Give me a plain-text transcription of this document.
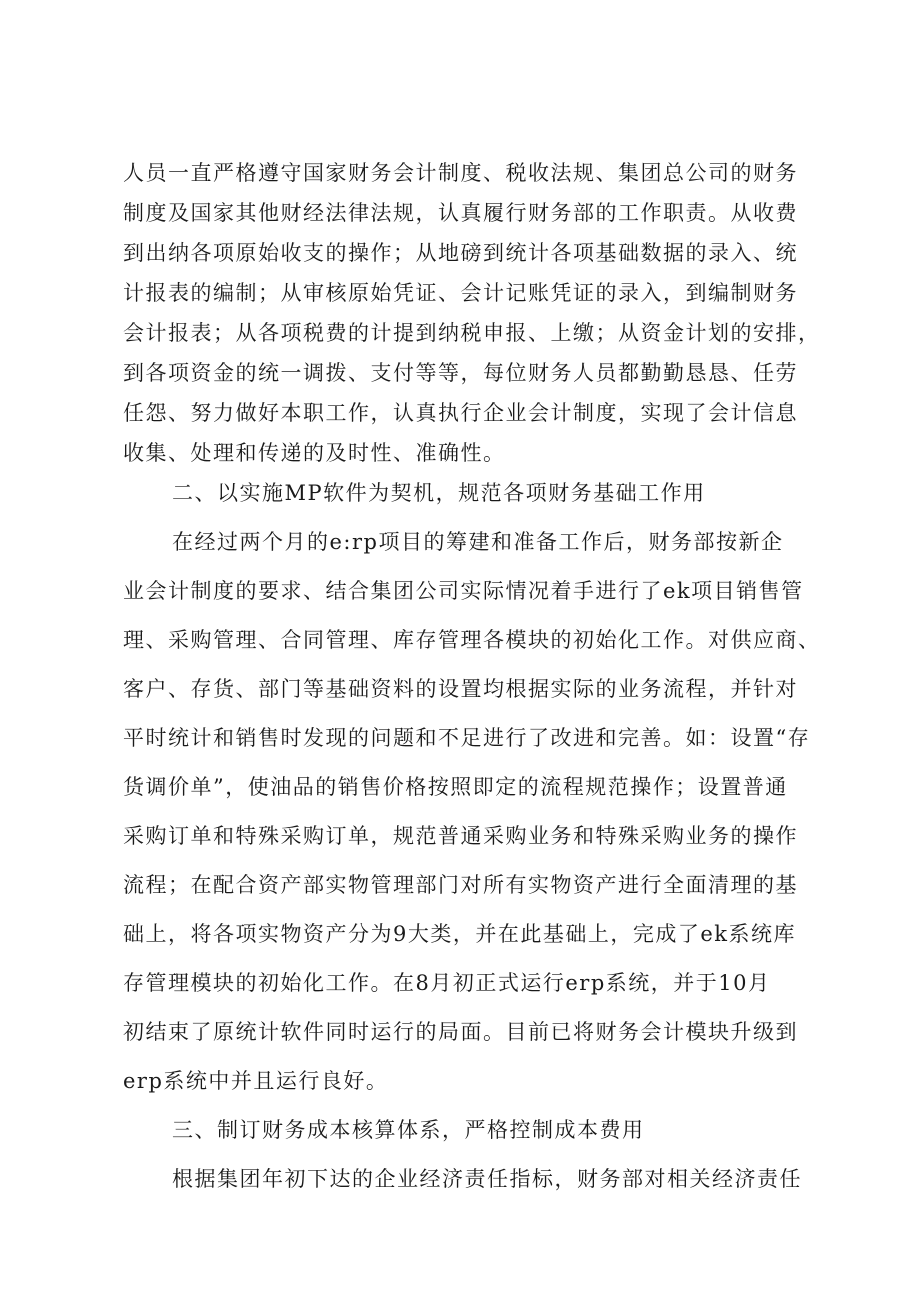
人员一直严格遵守国家财务会计制度、税收法规、集团总公司的财务
制度及国家其他财经法律法规，认真履行财务部的工作职责。从收费
到出纳各项原始收支的操作；从地磅到统计各项基础数据的录入、统
计报表的编制；从审核原始凭证、会计记账凭证的录入，到编制财务
会计报表；从各项税费的计提到纳税申报、上缴；从资金计划的安排，
到各项资金的统一调拨、支付等等，每位财务人员都勤勤恳恳、任劳
任怨、努力做好本职工作，认真执行企业会计制度，实现了会计信息
收集、处理和传递的及时性、准确性。
二、以实施MP软件为契机，规范各项财务基础工作用
在经过两个月的e:rp项目的筹建和准备工作后，财务部按新企
业会计制度的要求、结合集团公司实际情况着手进行了ek项目销售管
理、采购管理、合同管理、库存管理各模块的初始化工作。对供应商、
客户、存货、部门等基础资料的设置均根据实际的业务流程，并针对
平时统计和销售时发现的问题和不足进行了改进和完善。如：设置“存
货调价单”，使油品的销售价格按照即定的流程规范操作；设置普通
采购订单和特殊采购订单，规范普通采购业务和特殊采购业务的操作
流程；在配合资产部实物管理部门对所有实物资产进行全面清理的基
础上，将各项实物资产分为9大类，并在此基础上，完成了ek系统库
存管理模块的初始化工作。在8月初正式运行erp系统，并于10月
初结束了原统计软件同时运行的局面。目前已将财务会计模块升级到
erp系统中并且运行良好。
三、制订财务成本核算体系，严格控制成本费用
根据集团年初下达的企业经济责任指标，财务部对相关经济责任
